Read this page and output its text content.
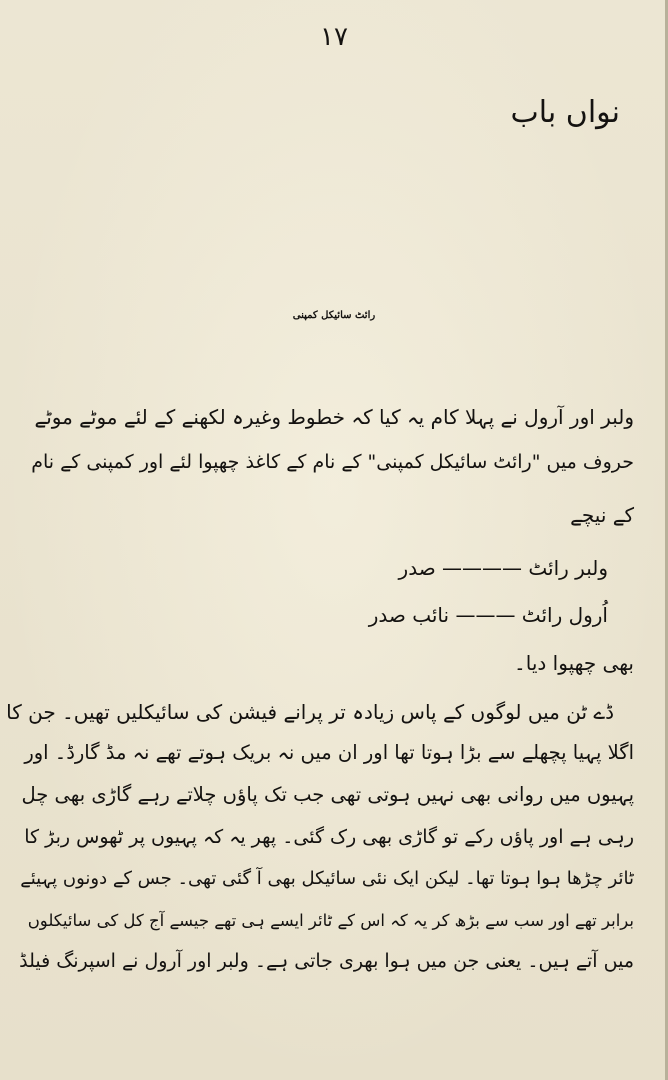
۱۷
نواں باب
رائٹ سائیکل کمپنی
ولبر اور آرول نے پہلا کام یہ کیا کہ خطوط وغیرہ لکھنے کے لئے موٹے موٹے
حروف میں "رائٹ سائیکل کمپنی" کے نام کے کاغذ چھپوا لئے اور کمپنی کے نام
کے نیچے
ولبر رائٹ ———— صدر
اُرول رائٹ ——— نائب صدر
بھی چھپوا دیا۔
ڈے ٹن میں لوگوں کے پاس زیادہ تر پرانے فیشن کی سائیکلیں تھیں۔ جن کا
اگلا پہیا پچھلے سے بڑا ہوتا تھا اور ان میں نہ بریک ہوتے تھے نہ مڈ گارڈ۔ اور
پہیوں میں روانی بھی نہیں ہوتی تھی جب تک پاؤں چلاتے رہے گاڑی بھی چل
رہی ہے اور پاؤں رکے تو گاڑی بھی رک گئی۔ پھر یہ کہ پہیوں پر ٹھوس ربڑ کا
ٹائر چڑھا ہوا ہوتا تھا۔ لیکن ایک نئی سائیکل بھی آ گئی تھی۔ جس کے دونوں پہیئے
برابر تھے اور سب سے بڑھ کر یہ کہ اس کے ٹائر ایسے ہی تھے جیسے آج کل کی سائیکلوں
میں آتے ہیں۔ یعنی جن میں ہوا بھری جاتی ہے۔ ولبر اور آرول نے اسپرنگ فیلڈ
